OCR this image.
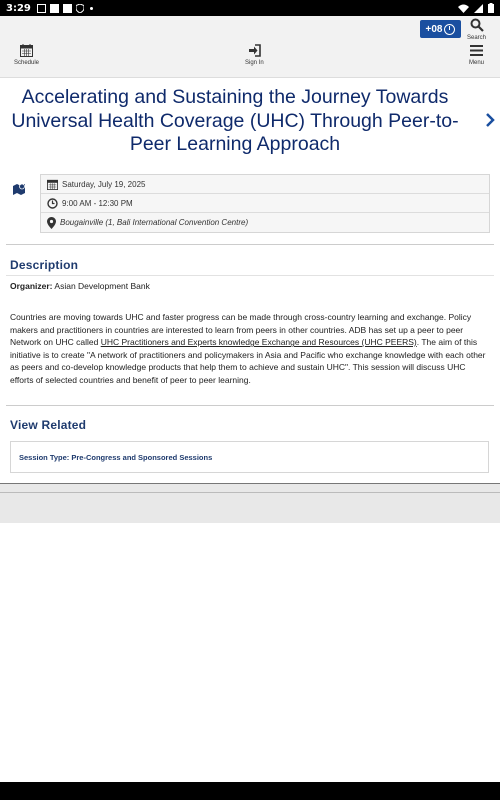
3:29
Schedule	Sign In	Menu
Search
+08
Accelerating and Sustaining the Journey Towards Universal Health Coverage (UHC) Through Peer-to-Peer Learning Approach
Saturday, July 19, 2025
9:00 AM - 12:30 PM
Bougainville (1, Bali International Convention Centre)
Description
Organizer: Asian Development Bank
Countries are moving towards UHC and faster progress can be made through cross-country learning and exchange. Policy makers and practitioners in countries are interested to learn from peers in other countries. ADB has set up a peer to peer Network on UHC called UHC Practitioners and Experts knowledge Exchange and Resources (UHC PEERS). The aim of this initiative is to create "A network of practitioners and policymakers in Asia and Pacific who exchange knowledge with each other as peers and co-develop knowledge products that help them to achieve and sustain UHC". This session will discuss UHC efforts of selected countries and benefit of peer to peer learning.
View Related
Session Type: Pre-Congress and Sponsored Sessions
